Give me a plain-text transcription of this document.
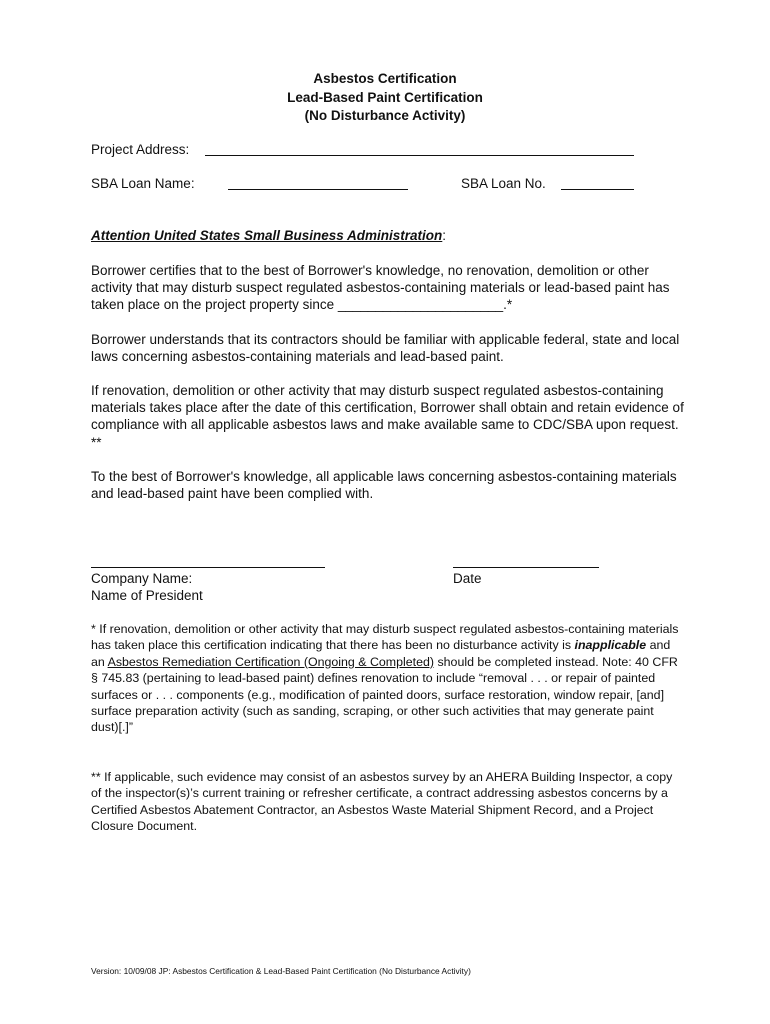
Asbestos Certification
Lead-Based Paint Certification
(No Disturbance Activity)
Project Address:
SBA Loan Name:	SBA Loan No.
Attention United States Small Business Administration:

Borrower certifies that to the best of Borrower's knowledge, no renovation, demolition or other activity that may disturb suspect regulated asbestos-containing materials or lead-based paint has taken place on the project property since ______________________.*

Borrower understands that its contractors should be familiar with applicable federal, state and local laws concerning asbestos-containing materials and lead-based paint.

If renovation, demolition or other activity that may disturb suspect regulated asbestos-containing materials takes place after the date of this certification, Borrower shall obtain and retain evidence of compliance with all applicable asbestos laws and make available same to CDC/SBA upon request. **

To the best of Borrower's knowledge, all applicable laws concerning asbestos-containing materials and lead-based paint have been complied with.

Company Name:
Name of President
Date

* If renovation, demolition or other activity that may disturb suspect regulated asbestos-containing materials has taken place this certification indicating that there has been no disturbance activity is inapplicable and an Asbestos Remediation Certification (Ongoing & Completed) should be completed instead. Note: 40 CFR § 745.83 (pertaining to lead-based paint) defines renovation to include “removal . . . or repair of painted surfaces or . . . components (e.g., modification of painted doors, surface restoration, window repair, [and] surface preparation activity (such as sanding, scraping, or other such activities that may generate paint dust)[.]”

** If applicable, such evidence may consist of an asbestos survey by an AHERA Building Inspector, a copy of the inspector(s)’s current training or refresher certificate, a contract addressing asbestos concerns by a Certified Asbestos Abatement Contractor, an Asbestos Waste Material Shipment Record, and a Project Closure Document.

Version: 10/09/08 JP: Asbestos Certification & Lead-Based Paint Certification (No Disturbance Activity)
